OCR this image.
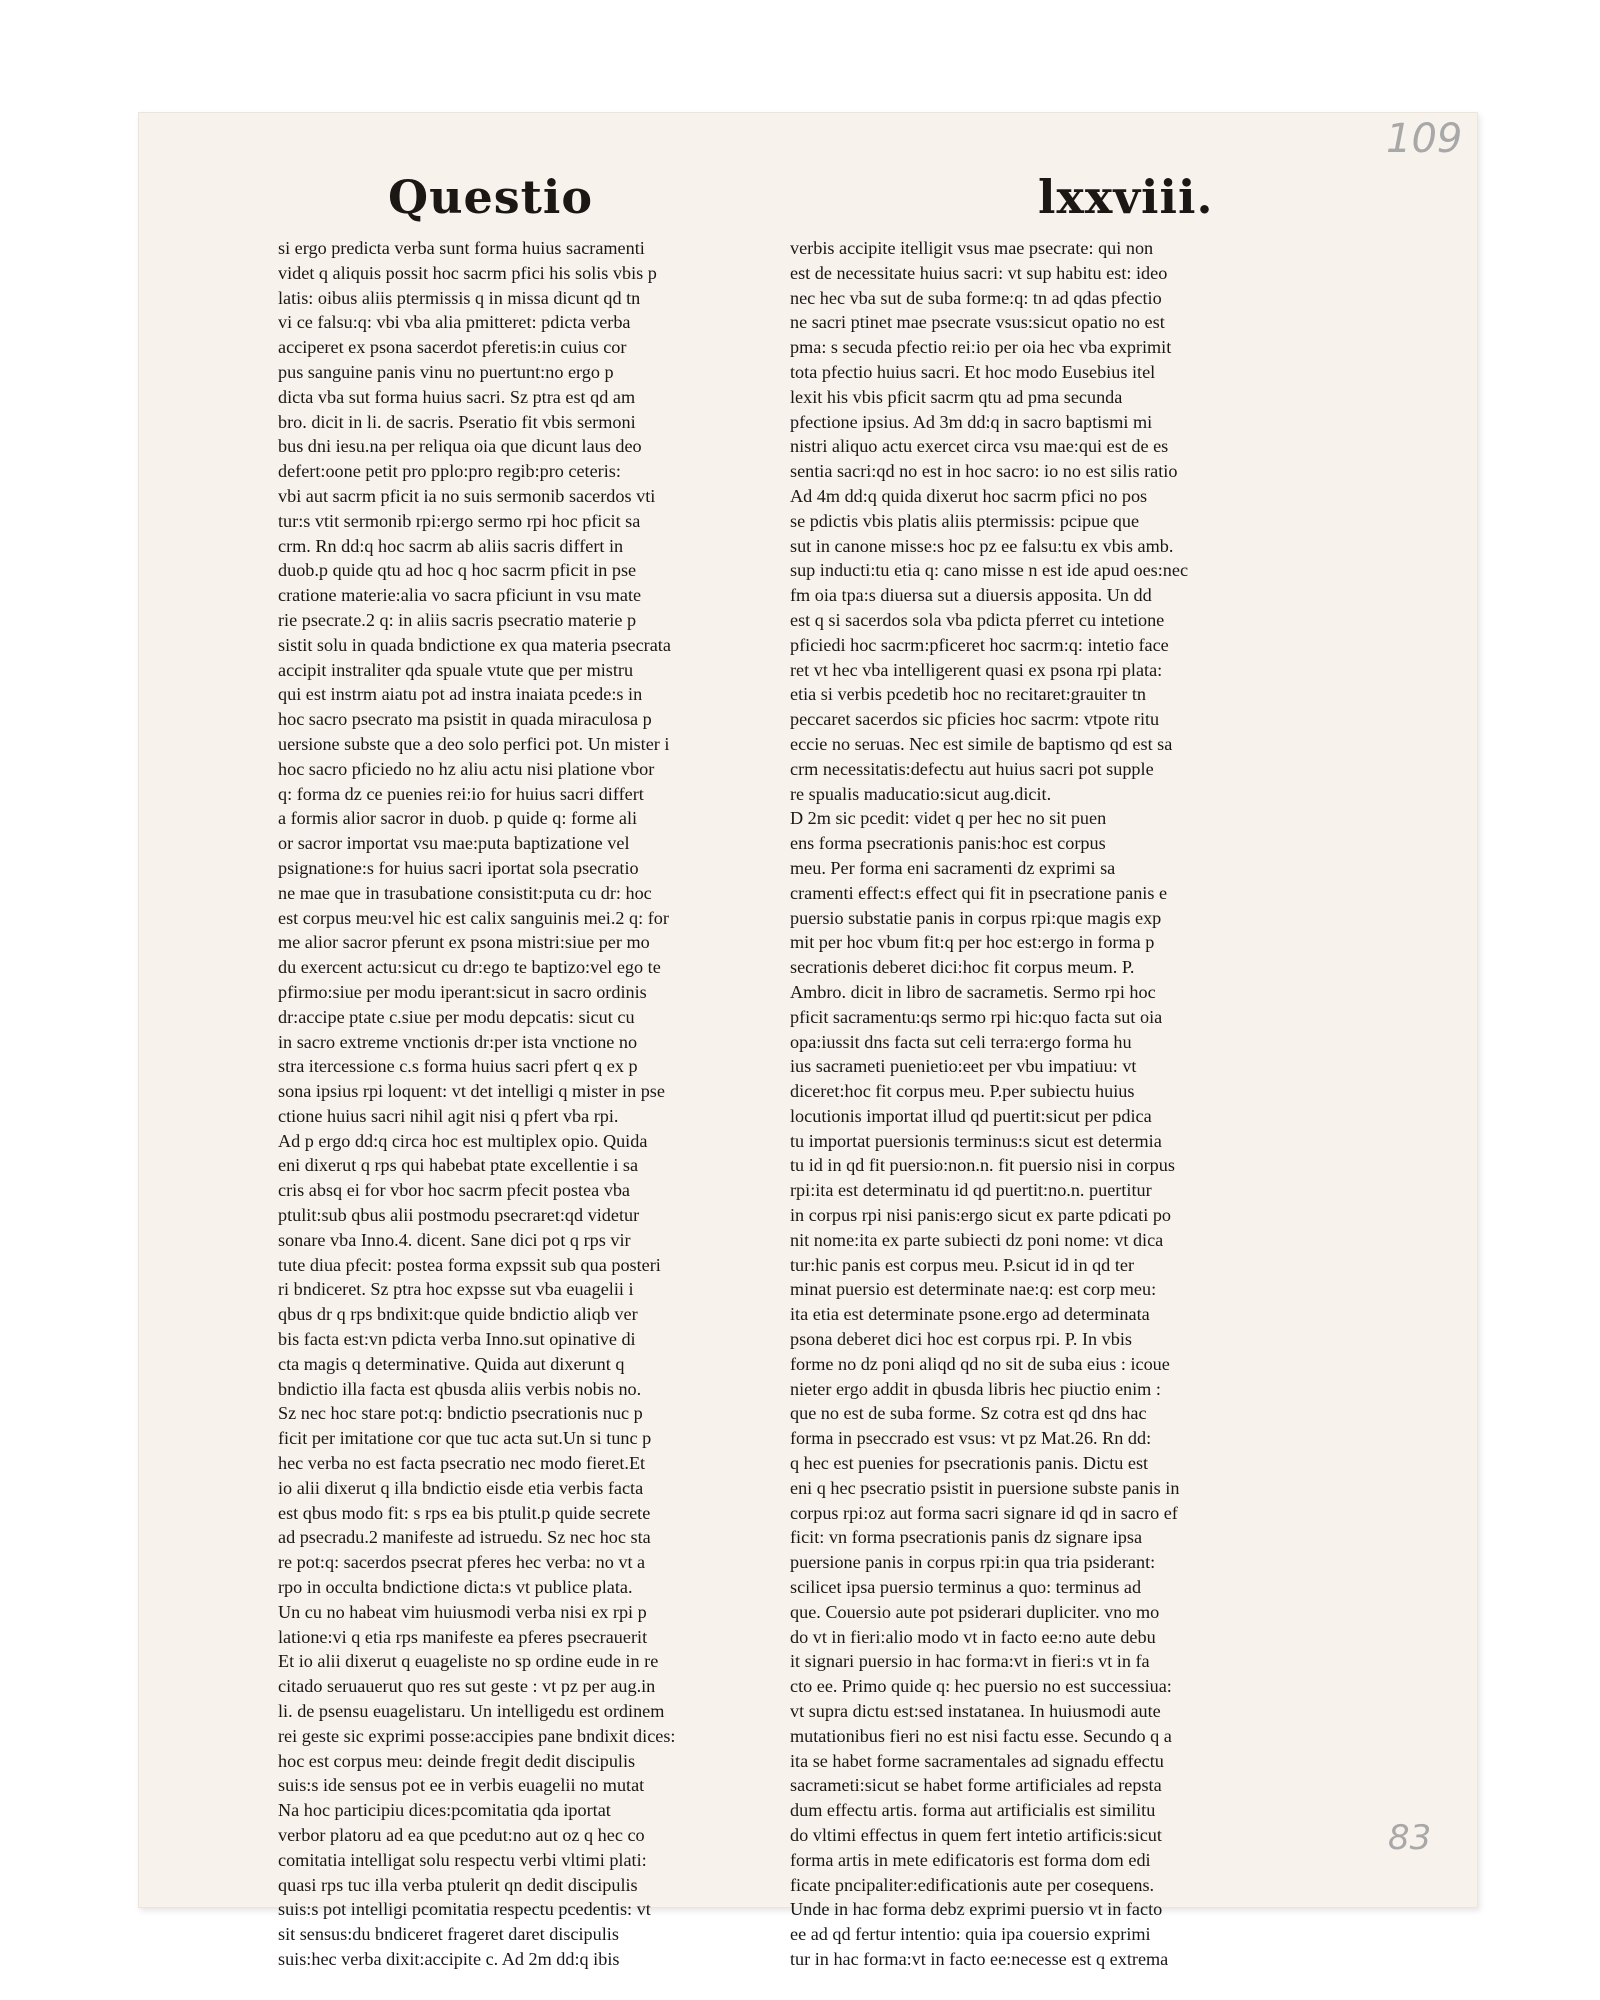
109
Questio	lxxviii.
si ergo predicta verba sunt forma huius sacramenti
videt q aliquis possit hoc sacrm pfici his solis vbis p
latis: oibus aliis ptermissis q in missa dicunt qd tn
vi ce falsu:q: vbi vba alia pmitteret: pdicta verba
acciperet ex psona sacerdot pferetis:in cuius cor
pus sanguine panis vinu no puertunt:no ergo p
dicta vba sut forma huius sacri. Sz ptra est qd am
bro. dicit in li. de sacris. Pseratio fit vbis sermoni
bus dni iesu.na per reliqua oia que dicunt laus deo
defert:oone petit pro pplo:pro regib:pro ceteris:
vbi aut sacrm pficit ia no suis sermonib sacerdos vti
tur:s vtit sermonib rpi:ergo sermo rpi hoc pficit sa
crm. Rn dd:q hoc sacrm ab aliis sacris differt in
duob.p quide qtu ad hoc q hoc sacrm pficit in pse
cratione materie:alia vo sacra pficiunt in vsu mate
rie psecrate.2 q: in aliis sacris psecratio materie p
sistit solu in quada bndictione ex qua materia psecrata
accipit instraliter qda spuale vtute que per mistru
qui est instrm aiatu pot ad instra inaiata pcede:s in
hoc sacro psecrato ma psistit in quada miraculosa p
uersione subste que a deo solo perfici pot. Un mister i
hoc sacro pficiedo no hz aliu actu nisi platione vbor
q: forma dz ce puenies rei:io for huius sacri differt
a formis alior sacror in duob. p quide q: forme ali
or sacror importat vsu mae:puta baptizatione vel
psignatione:s for huius sacri iportat sola psecratio
ne mae que in trasubatione consistit:puta cu dr: hoc
est corpus meu:vel hic est calix sanguinis mei.2 q: for
me alior sacror pferunt ex psona mistri:siue per mo
du exercent actu:sicut cu dr:ego te baptizo:vel ego te
pfirmo:siue per modu iperant:sicut in sacro ordinis
dr:accipe ptate c.siue per modu depcatis: sicut cu
in sacro extreme vnctionis dr:per ista vnctione no
stra itercessione c.s forma huius sacri pfert q ex p
sona ipsius rpi loquent: vt det intelligi q mister in pse
ctione huius sacri nihil agit nisi q pfert vba rpi.
Ad p ergo dd:q circa hoc est multiplex opio. Quida
eni dixerut q rps qui habebat ptate excellentie i sa
cris absq ei for vbor hoc sacrm pfecit postea vba
ptulit:sub qbus alii postmodu psecraret:qd videtur
sonare vba Inno.4. dicent. Sane dici pot q rps vir
tute diua pfecit: postea forma expssit sub qua posteri
ri bndiceret. Sz ptra hoc expsse sut vba euagelii i
qbus dr q rps bndixit:que quide bndictio aliqb ver
bis facta est:vn pdicta verba Inno.sut opinative di
cta magis q determinative. Quida aut dixerunt q
bndictio illa facta est qbusda aliis verbis nobis no.
Sz nec hoc stare pot:q: bndictio psecrationis nuc p
ficit per imitatione cor que tuc acta sut.Un si tunc p
hec verba no est facta psecratio nec modo fieret.Et
io alii dixerut q illa bndictio eisde etia verbis facta
est qbus modo fit: s rps ea bis ptulit.p quide secrete
ad psecradu.2 manifeste ad istruedu. Sz nec hoc sta
re pot:q: sacerdos psecrat pferes hec verba: no vt a
rpo in occulta bndictione dicta:s vt publice plata.
Un cu no habeat vim huiusmodi verba nisi ex rpi p
latione:vi q etia rps manifeste ea pferes psecrauerit
Et io alii dixerut q euageliste no sp ordine eude in re
citado seruauerut quo res sut geste : vt pz per aug.in
li. de psensu euagelistaru. Un intelligedu est ordinem
rei geste sic exprimi posse:accipies pane bndixit dices:
hoc est corpus meu: deinde fregit dedit discipulis
suis:s ide sensus pot ee in verbis euagelii no mutat
Na hoc participiu dices:pcomitatia qda iportat
verbor platoru ad ea que pcedut:no aut oz q hec co
comitatia intelligat solu respectu verbi vltimi plati:
quasi rps tuc illa verba ptulerit qn dedit discipulis
suis:s pot intelligi pcomitatia respectu pcedentis: vt
sit sensus:du bndiceret frageret daret discipulis
suis:hec verba dixit:accipite c. Ad 2m dd:q ibis
verbis accipite itelligit vsus mae psecrate: qui non
est de necessitate huius sacri: vt sup habitu est: ideo
nec hec vba sut de suba forme:q: tn ad qdas pfectio
ne sacri ptinet mae psecrate vsus:sicut opatio no est
pma: s secuda pfectio rei:io per oia hec vba exprimit
tota pfectio huius sacri. Et hoc modo Eusebius itel
lexit his vbis pficit sacrm qtu ad pma secunda
pfectione ipsius. Ad 3m dd:q in sacro baptismi mi
nistri aliquo actu exercet circa vsu mae:qui est de es
sentia sacri:qd no est in hoc sacro: io no est silis ratio
Ad 4m dd:q quida dixerut hoc sacrm pfici no pos
se pdictis vbis platis aliis ptermissis: pcipue que
sut in canone misse:s hoc pz ee falsu:tu ex vbis amb.
sup inducti:tu etia q: cano misse n est ide apud oes:nec
fm oia tpa:s diuersa sut a diuersis apposita. Un dd
est q si sacerdos sola vba pdicta pferret cu intetione
pficiedi hoc sacrm:pficeret hoc sacrm:q: intetio face
ret vt hec vba intelligerent quasi ex psona rpi plata:
etia si verbis pcedetib hoc no recitaret:grauiter tn
peccaret sacerdos sic pficies hoc sacrm: vtpote ritu
eccie no seruas. Nec est simile de baptismo qd est sa
crm necessitatis:defectu aut huius sacri pot supple
re spualis maducatio:sicut aug.dicit.
D 2m sic pcedit: videt q per hec no sit puen
ens forma psecrationis panis:hoc est corpus
meu. Per forma eni sacramenti dz exprimi sa
cramenti effect:s effect qui fit in psecratione panis e
puersio substatie panis in corpus rpi:que magis exp
mit per hoc vbum fit:q per hoc est:ergo in forma p
secrationis deberet dici:hoc fit corpus meum. P.
Ambro. dicit in libro de sacrametis. Sermo rpi hoc
pficit sacramentu:qs sermo rpi hic:quo facta sut oia
opa:iussit dns facta sut celi terra:ergo forma hu
ius sacrameti puenietio:eet per vbu impatiuu: vt
diceret:hoc fit corpus meu. P.per subiectu huius
locutionis importat illud qd puertit:sicut per pdica
tu importat puersionis terminus:s sicut est determia
tu id in qd fit puersio:non.n. fit puersio nisi in corpus
rpi:ita est determinatu id qd puertit:no.n. puertitur
in corpus rpi nisi panis:ergo sicut ex parte pdicati po
nit nome:ita ex parte subiecti dz poni nome: vt dica
tur:hic panis est corpus meu. P.sicut id in qd ter
minat puersio est determinate nae:q: est corp meu:
ita etia est determinate psone.ergo ad determinata
psona deberet dici hoc est corpus rpi. P. In vbis
forme no dz poni aliqd qd no sit de suba eius : icoue
nieter ergo addit in qbusda libris hec piuctio enim :
que no est de suba forme. Sz cotra est qd dns hac
forma in pseccrado est vsus: vt pz Mat.26. Rn dd:
q hec est puenies for psecrationis panis. Dictu est
eni q hec psecratio psistit in puersione subste panis in
corpus rpi:oz aut forma sacri signare id qd in sacro ef
ficit: vn forma psecrationis panis dz signare ipsa
puersione panis in corpus rpi:in qua tria psiderant:
scilicet ipsa puersio terminus a quo: terminus ad
que. Couersio aute pot psiderari dupliciter. vno mo
do vt in fieri:alio modo vt in facto ee:no aute debu
it signari puersio in hac forma:vt in fieri:s vt in fa
cto ee. Primo quide q: hec puersio no est successiua:
vt supra dictu est:sed instatanea. In huiusmodi aute
mutationibus fieri no est nisi factu esse. Secundo q a
ita se habet forme sacramentales ad signadu effectu
sacrameti:sicut se habet forme artificiales ad repsta
dum effectu artis. forma aut artificialis est similitu
do vltimi effectus in quem fert intetio artificis:sicut
forma artis in mete edificatoris est forma dom edi
ficate pncipaliter:edificationis aute per cosequens.
Unde in hac forma debz exprimi puersio vt in facto
ee ad qd fertur intentio: quia ipa couersio exprimi
tur in hac forma:vt in facto ee:necesse est q extrema
83
